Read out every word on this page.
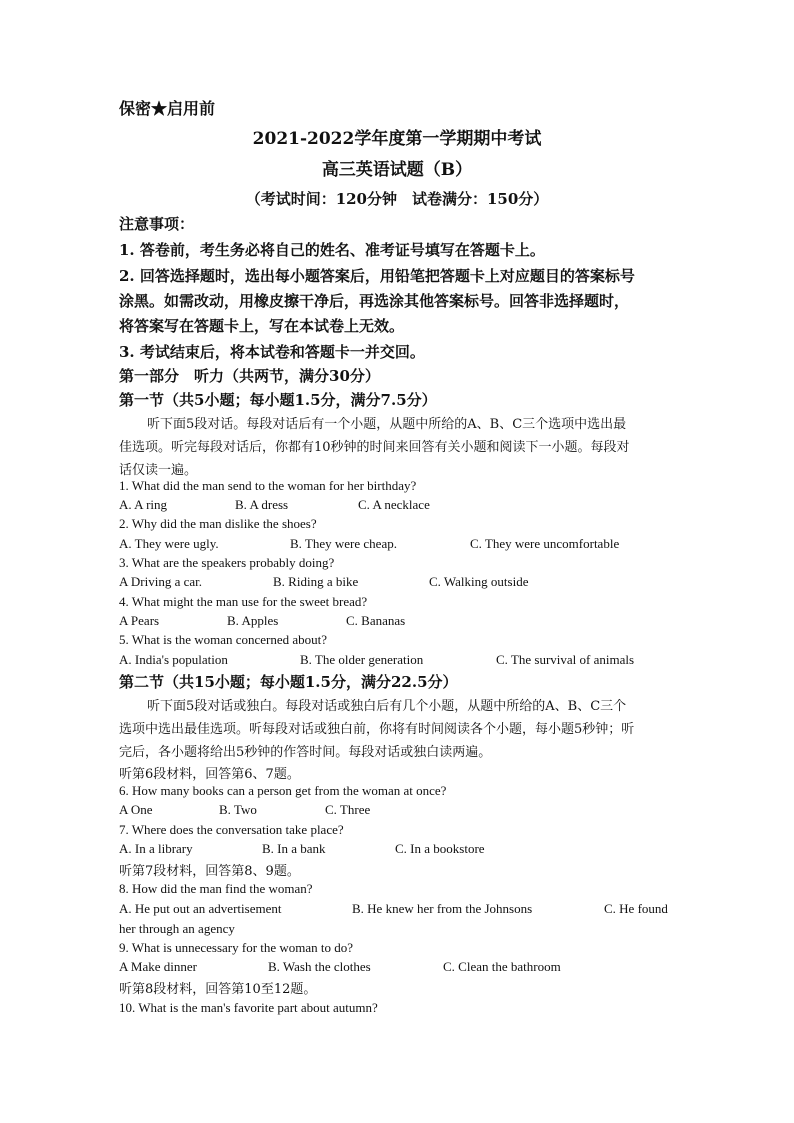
保密★启用前
2021-2022学年度第一学期期中考试
高三英语试题（B）
（考试时间：120分钟　试卷满分：150分）
注意事项：
1. 答卷前，考生务必将自己的姓名、准考证号填写在答题卡上。
2. 回答选择题时，选出每小题答案后，用铅笔把答题卡上对应题目的答案标号
涂黑。如需改动，用橡皮擦干净后，再选涂其他答案标号。回答非选择题时，
将答案写在答题卡上，写在本试卷上无效。
3. 考试结束后，将本试卷和答题卡一并交回。
第一部分　听力（共两节，满分30分）
第一节（共5小题；每小题1.5分，满分7.5分）
听下面5段对话。每段对话后有一个小题，从题中所给的A、B、C三个选项中选出最
佳选项。听完每段对话后，你都有10秒钟的时间来回答有关小题和阅读下一小题。每段对
话仅读一遍。
1. What did the man send to the woman for her birthday?
A. A ring	B. A dress	C. A necklace
2. Why did the man dislike the shoes?
A. They were ugly.	B. They were cheap.	C. They were uncomfortable
3. What are the speakers probably doing?
A Driving a car.	B. Riding a bike	C. Walking outside
4. What might the man use for the sweet bread?
A Pears	B. Apples	C. Bananas
5. What is the woman concerned about?
A. India's population	B. The older generation	C. The survival of animals
第二节（共15小题；每小题1.5分，满分22.5分）
听下面5段对话或独白。每段对话或独白后有几个小题，从题中所给的A、B、C三个
选项中选出最佳选项。听每段对话或独白前，你将有时间阅读各个小题，每小题5秒钟；听
完后，各小题将给出5秒钟的作答时间。每段对话或独白读两遍。
听第6段材料，回答第6、7题。
6. How many books can a person get from the woman at once?
A One	B. Two	C. Three
7. Where does the conversation take place?
A. In a library	B. In a bank	C. In a bookstore
听第7段材料，回答第8、9题。
8. How did the man find the woman?
A. He put out an advertisement	B. He knew her from the Johnsons	C. He found
her through an agency
9. What is unnecessary for the woman to do?
A Make dinner	B. Wash the clothes	C. Clean the bathroom
听第8段材料，回答第10至12题。
10. What is the man's favorite part about autumn?
